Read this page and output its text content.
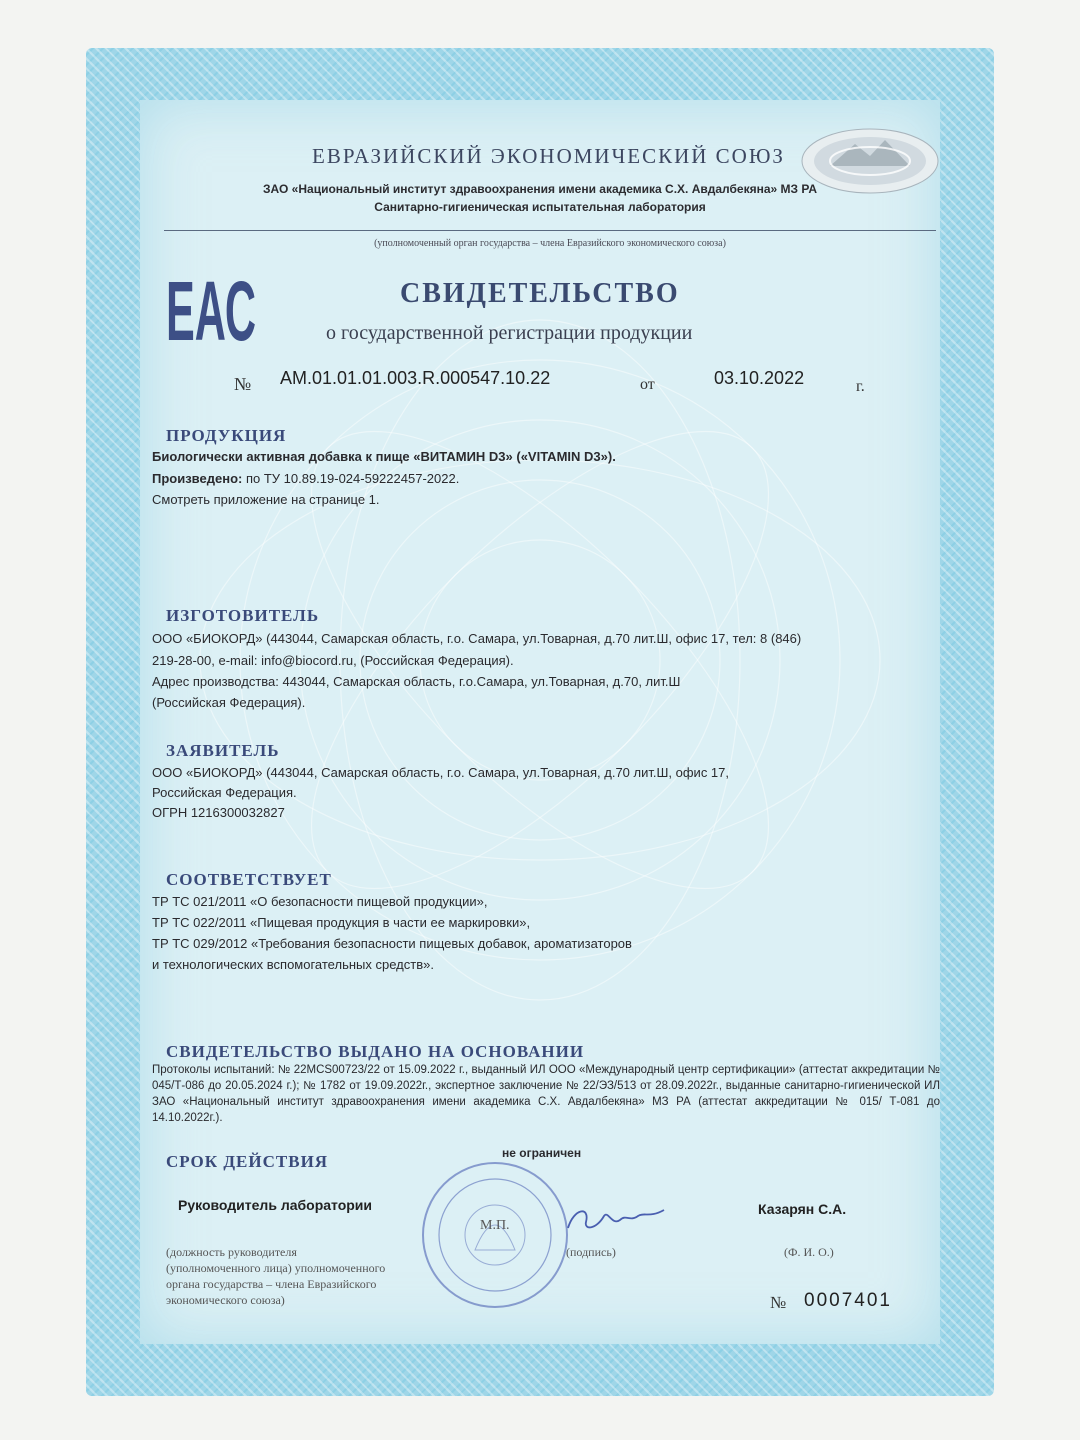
ЕВРАЗИЙСКИЙ ЭКОНОМИЧЕСКИЙ СОЮЗ
ЗАО «Национальный институт здравоохранения имени академика С.Х. Авдалбекяна» МЗ РА
Санитарно-гигиеническая испытательная лаборатория
(уполномоченный орган государства – члена Евразийского экономического союза)
ЕАС	СВИДЕТЕЛЬСТВО
о государственной регистрации продукции
№ АМ.01.01.01.003.R.000547.10.22	от	03.10.2022	г.
ПРОДУКЦИЯ
Биологически активная добавка к пище «ВИТАМИН D3» («VITAMIN D3»).
Произведено: по ТУ 10.89.19-024-59222457-2022.
Смотреть приложение на странице 1.
ИЗГОТОВИТЕЛЬ
ООО «БИОКОРД» (443044, Самарская область, г.о. Самара, ул.Товарная, д.70 лит.Ш, офис 17, тел: 8 (846)
219-28-00, e-mail: info@biocord.ru, (Российская Федерация).
Адрес производства: 443044, Самарская область, г.о.Самара, ул.Товарная, д.70, лит.Ш
(Российская Федерация).
ЗАЯВИТЕЛЬ
ООО «БИОКОРД» (443044, Самарская область, г.о. Самара, ул.Товарная, д.70 лит.Ш, офис 17,
Российская Федерация.
ОГРН 1216300032827
СООТВЕТСТВУЕТ
ТР ТС 021/2011 «О безопасности пищевой продукции»,
ТР ТС 022/2011 «Пищевая продукция в части ее маркировки»,
ТР ТС 029/2012 «Требования безопасности пищевых добавок, ароматизаторов
и технологических вспомогательных средств».
СВИДЕТЕЛЬСТВО ВЫДАНО НА ОСНОВАНИИ
Протоколы испытаний: № 22MCS00723/22 от 15.09.2022 г., выданный ИЛ ООО «Международный центр сертификации» (аттестат аккредитации № 045/Т-086 до 20.05.2024 г.); № 1782 от 19.09.2022г., экспертное заключение № 22/ЭЗ/513 от 28.09.2022г., выданные санитарно-гигиенической ИЛ ЗАО «Национальный институт здравоохранения имени академика С.Х. Авдалбекяна» МЗ РА (аттестат аккредитации № 015/ Т-081 до 14.10.2022г.).
СРОК ДЕЙСТВИЯ	не ограничен
Руководитель лаборатории	Казарян С.А.
М.П.
(подпись)	(Ф. И. О.)
(должность руководителя
(уполномоченного лица) уполномоченного
органа государства – члена Евразийского
экономического союза)	№ 0007401
